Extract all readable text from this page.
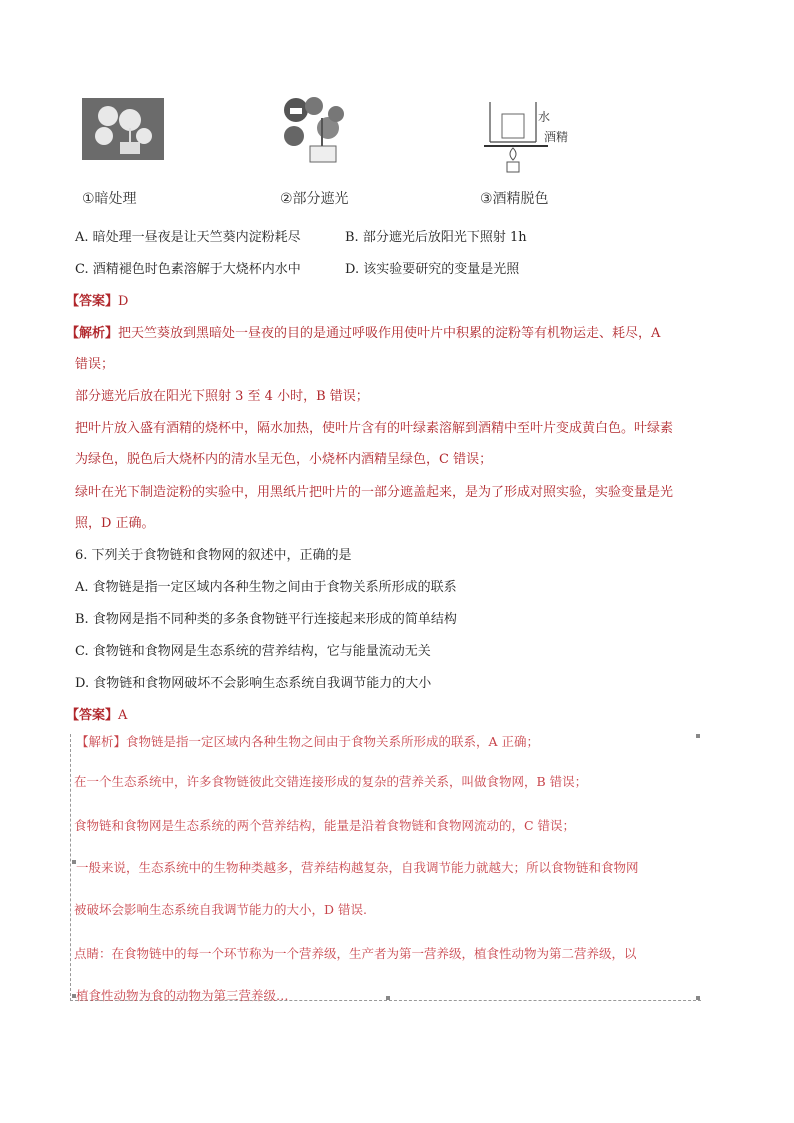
①暗处理	②部分遮光
水
酒精
③酒精脱色
A. 暗处理一昼夜是让天竺葵内淀粉耗尽	B. 部分遮光后放阳光下照射 1h
C. 酒精褪色时色素溶解于大烧杯内水中	D. 该实验要研究的变量是光照
【答案】D
【解析】把天竺葵放到黑暗处一昼夜的目的是通过呼吸作用使叶片中积累的淀粉等有机物运走、耗尽，A
错误；
部分遮光后放在阳光下照射 3 至 4 小时，B 错误；
把叶片放入盛有酒精的烧杯中，隔水加热，使叶片含有的叶绿素溶解到酒精中至叶片变成黄白色。叶绿素
为绿色，脱色后大烧杯内的清水呈无色，小烧杯内酒精呈绿色，C 错误；
绿叶在光下制造淀粉的实验中，用黑纸片把叶片的一部分遮盖起来，是为了形成对照实验，实验变量是光
照，D 正确。
6. 下列关于食物链和食物网的叙述中，正确的是
A. 食物链是指一定区域内各种生物之间由于食物关系所形成的联系
B. 食物网是指不同种类的多条食物链平行连接起来形成的简单结构
C. 食物链和食物网是生态系统的营养结构，它与能量流动无关
D. 食物链和食物网破坏不会影响生态系统自我调节能力的大小
【答案】A
【解析】食物链是指一定区域内各种生物之间由于食物关系所形成的联系，A 正确；
在一个生态系统中，许多食物链彼此交错连接形成的复杂的营养关系，叫做食物网，B 错误；
食物链和食物网是生态系统的两个营养结构，能量是沿着食物链和食物网流动的，C 错误；
一般来说，生态系统中的生物种类越多，营养结构越复杂，自我调节能力就越大；所以食物链和食物网
被破坏会影响生态系统自我调节能力的大小，D 错误.
点睛：在食物链中的每一个环节称为一个营养级，生产者为第一营养级，植食性动物为第二营养级，以
植食性动物为食的动物为第三营养级…
